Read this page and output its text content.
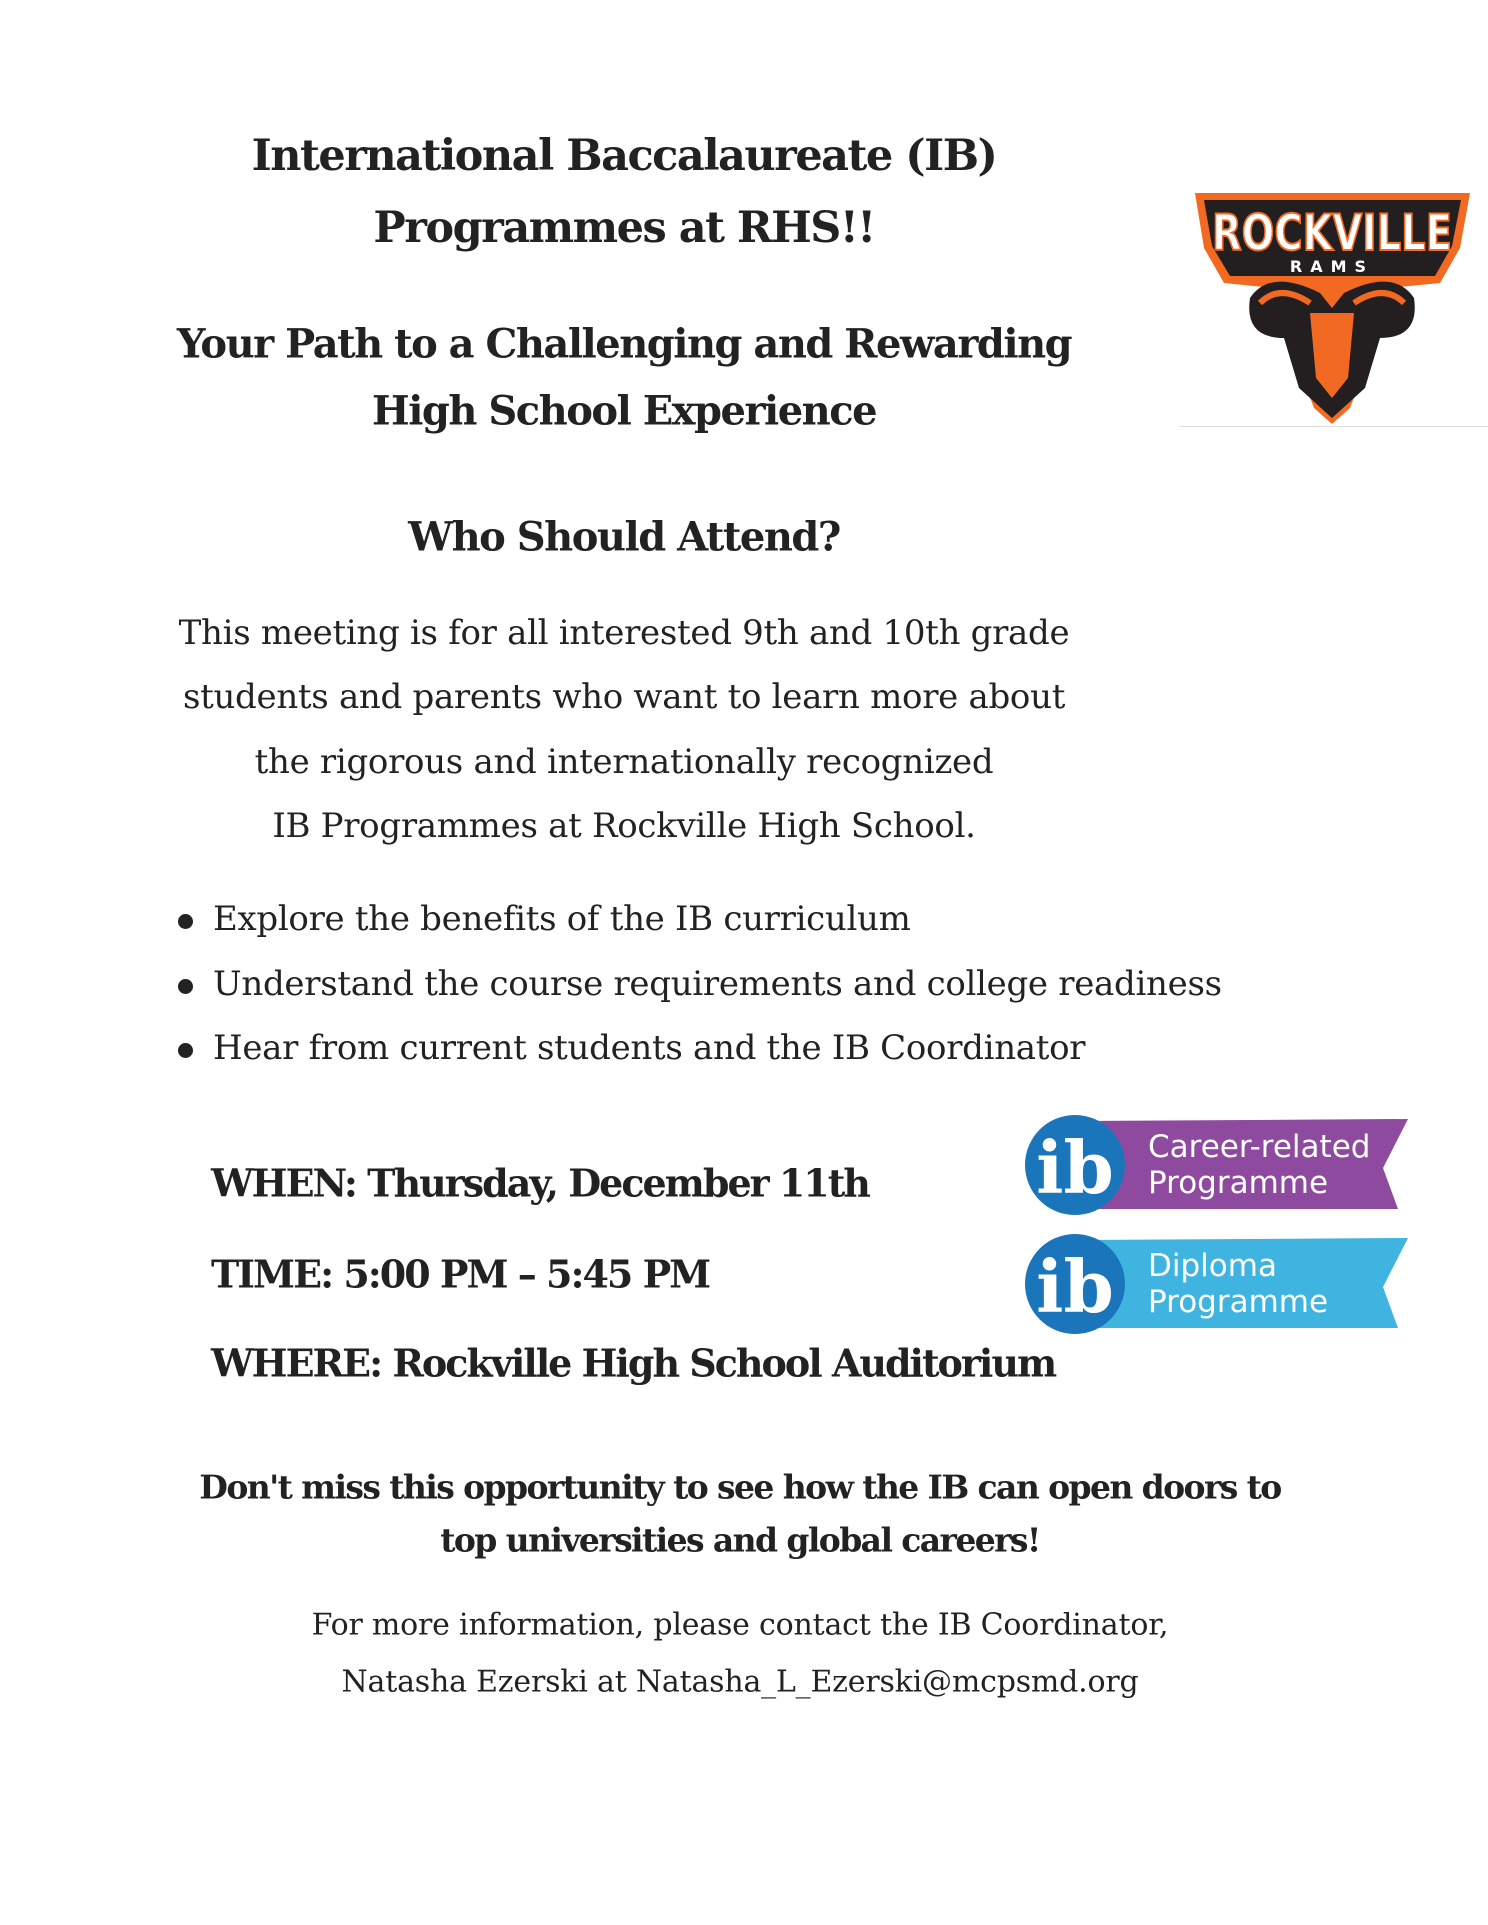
International Baccalaureate (IB)
Programmes at RHS!!
Your Path to a Challenging and Rewarding
High School Experience
ROCKVILLE
RAMS
Who Should Attend?
This meeting is for all interested 9th and 10th grade
students and parents who want to learn more about
the rigorous and internationally recognized
IB Programmes at Rockville High School.
Explore the benefits of the IB curriculum
Understand the course requirements and college readiness
Hear from current students and the IB Coordinator
WHEN: Thursday, December 11th
TIME: 5:00 PM – 5:45 PM
WHERE: Rockville High School Auditorium
ib Career-related
Programme
ib Diploma
Programme
Don't miss this opportunity to see how the IB can open doors to
top universities and global careers!
For more information, please contact the IB Coordinator,
Natasha Ezerski at Natasha_L_Ezerski@mcpsmd.org
